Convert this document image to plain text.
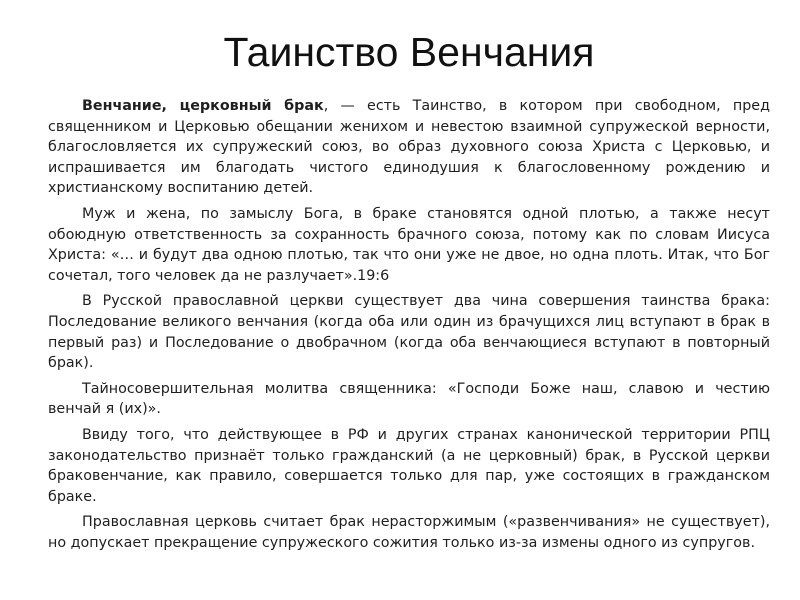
Таинство Венчания

Венчание, церковный брак, — есть Таинство, в котором при свободном, пред священником и Церковью обещании женихом и невестою взаимной супружеской верности, благословляется их супружеский союз, во образ духовного союза Христа с Церковью, и испрашивается им благодать чистого единодушия к благословенному рождению и христианскому воспитанию детей.

Муж и жена, по замыслу Бога, в браке становятся одной плотью, а также несут обоюдную ответственность за сохранность брачного союза, потому как по словам Иисуса Христа: «… и будут два одною плотью, так что они уже не двое, но одна плоть. Итак, что Бог сочетал, того человек да не разлучает».19:6

В Русской православной церкви существует два чина совершения таинства брака: Последование великого венчания (когда оба или один из брачущихся лиц вступают в брак в первый раз) и Последование о двобрачном (когда оба венчающиеся вступают в повторный брак).

Тайносовершительная молитва священника: «Господи Боже наш, славою и честию венчай я (их)».

Ввиду того, что действующее в РФ и других странах канонической территории РПЦ законодательство признаёт только гражданский (а не церковный) брак, в Русской церкви браковенчание, как правило, совершается только для пар, уже состоящих в гражданском браке.

Православная церковь считает брак нерасторжимым («развенчивания» не существует), но допускает прекращение супружеского сожития только из-за измены одного из супругов.
